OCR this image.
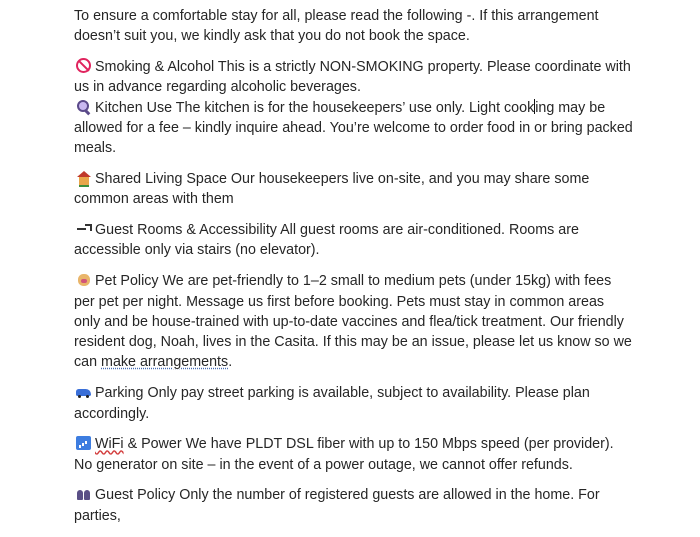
To ensure a comfortable stay for all, please read the following -. If this arrangement doesn’t suit you, we kindly ask that you do not book the space.

Smoking & Alcohol This is a strictly NON-SMOKING property. Please coordinate with us in advance regarding alcoholic beverages.

Kitchen Use The kitchen is for the housekeepers’ use only. Light cooking may be allowed for a fee – kindly inquire ahead. You’re welcome to order food in or bring packed meals.

Shared Living Space Our housekeepers live on-site, and you may share some common areas with them

Guest Rooms & Accessibility All guest rooms are air-conditioned. Rooms are accessible only via stairs (no elevator).

Pet Policy We are pet-friendly to 1–2 small to medium pets (under 15kg) with fees per pet per night. Message us first before booking. Pets must stay in common areas only and be house-trained with up-to-date vaccines and flea/tick treatment. Our friendly resident dog, Noah, lives in the Casita. If this may be an issue, please let us know so we can make arrangements.

Parking Only pay street parking is available, subject to availability. Please plan accordingly.

WiFi & Power We have PLDT DSL fiber with up to 150 Mbps speed (per provider). No generator on site – in the event of a power outage, we cannot offer refunds.

Guest Policy Only the number of registered guests are allowed in the home. For parties,
